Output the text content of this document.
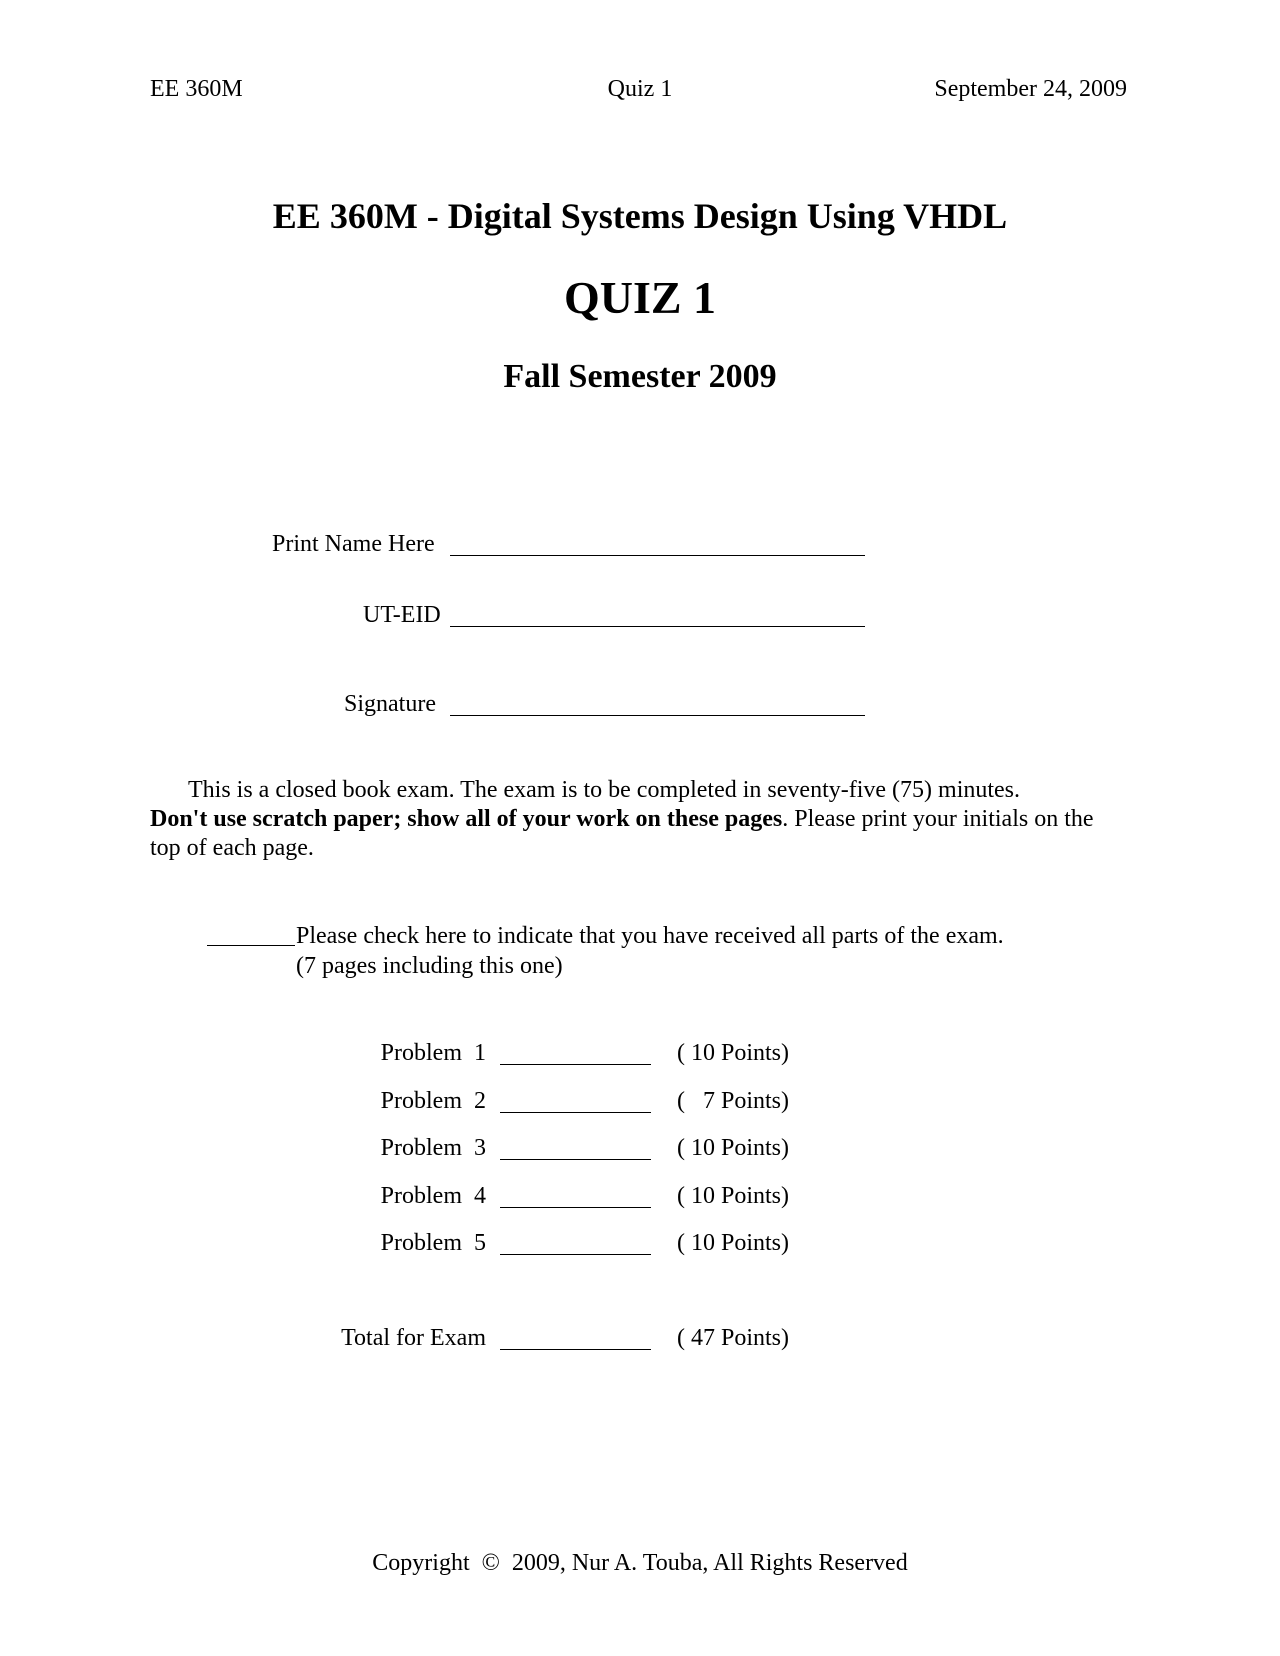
EE 360M	Quiz 1	September 24, 2009
EE 360M - Digital Systems Design Using VHDL
QUIZ 1
Fall Semester 2009
Print Name Here
UT-EID
Signature
This is a closed book exam. The exam is to be completed in seventy-five (75) minutes.
Don't use scratch paper; show all of your work on these pages. Please print your initials on the top of each page.
Please check here to indicate that you have received all parts of the exam.
(7 pages including this one)
Problem  1	( 10 Points)
Problem  2	(   7 Points)
Problem  3	( 10 Points)
Problem  4	( 10 Points)
Problem  5	( 10 Points)
Total for Exam	( 47 Points)
Copyright  ©  2009, Nur A. Touba, All Rights Reserved
